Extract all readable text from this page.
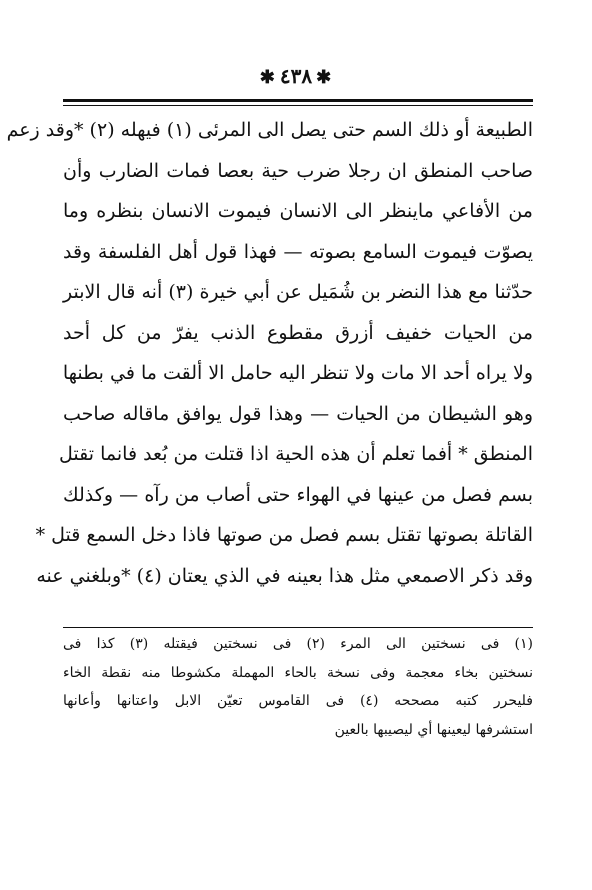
✱ ٤٣٨ ✱
الطبيعة أو ذلك السم حتى يصل الى المرئى (١) فيهله (٢) *وقد زعم
صاحب المنطق ان رجلا ضرب حية بعصا فمات الضارب وأن
من الأفاعي ماينظر الى الانسان فيموت الانسان بنظره وما
يصوّت فيموت السامع بصوته — فهذا قول أهل الفلسفة وقد
حدّثنا مع هذا النضر بن شُمَيل عن أبي خيرة (٣) أنه قال الابتر
من الحيات خفيف أزرق مقطوع الذنب يفرّ من كل أحد
ولا يراه أحد الا مات ولا تنظر اليه حامل الا ألقت ما في بطنها
وهو الشيطان من الحيات — وهذا قول يوافق ماقاله صاحب
المنطق * أفما تعلم أن هذه الحية اذا قتلت من بُعد فانما تقتل
بسم فصل من عينها في الهواء حتى أصاب من رآه — وكذلك
القاتلة بصوتها تقتل بسم فصل من صوتها فاذا دخل السمع قتل *
وقد ذكر الاصمعي مثل هذا بعينه في الذي يعتان (٤) *وبلغني عنه
(١) فى نسختين الى المرء (٢) فى نسختين فيقتله (٣) كذا فى
نسختين بخاء معجمة وفى نسخة بالحاء المهملة مكشوطا منه نقطة الخاء
فليحرر كتبه مصححه (٤) فى القاموس تعيّن الابل واعتانها وأعانها
استشرفها ليعينها أي ليصيبها بالعين
